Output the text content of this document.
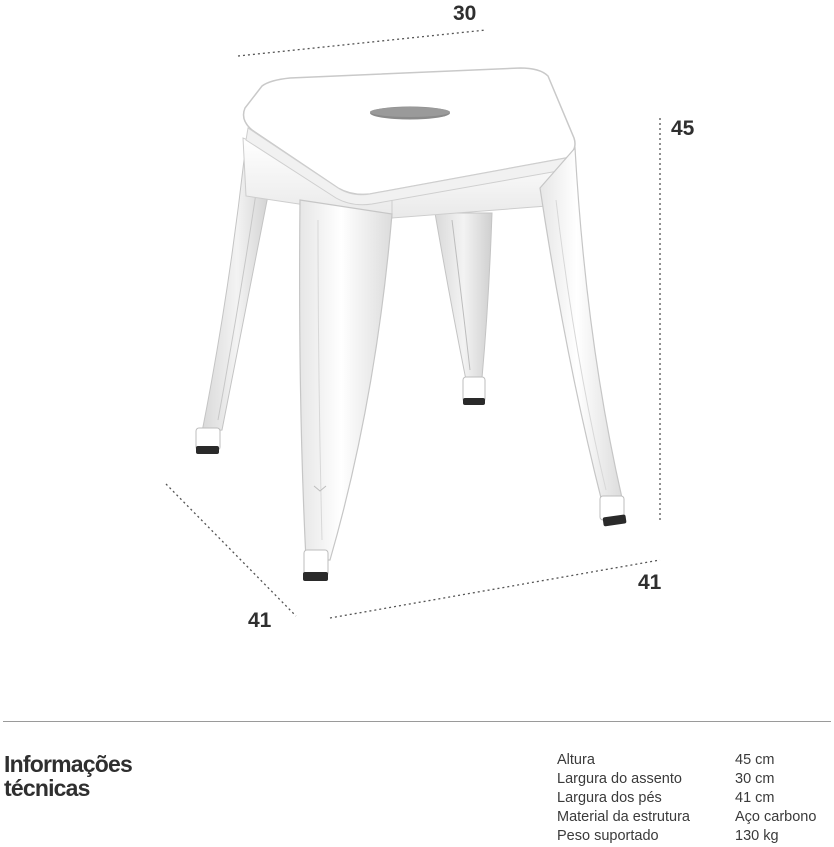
30
45
41
41
Informações
técnicas
Altura	45 cm
Largura do assento	30 cm
Largura dos pés	41 cm
Material da estrutura	Aço carbono
Peso suportado	130 kg
